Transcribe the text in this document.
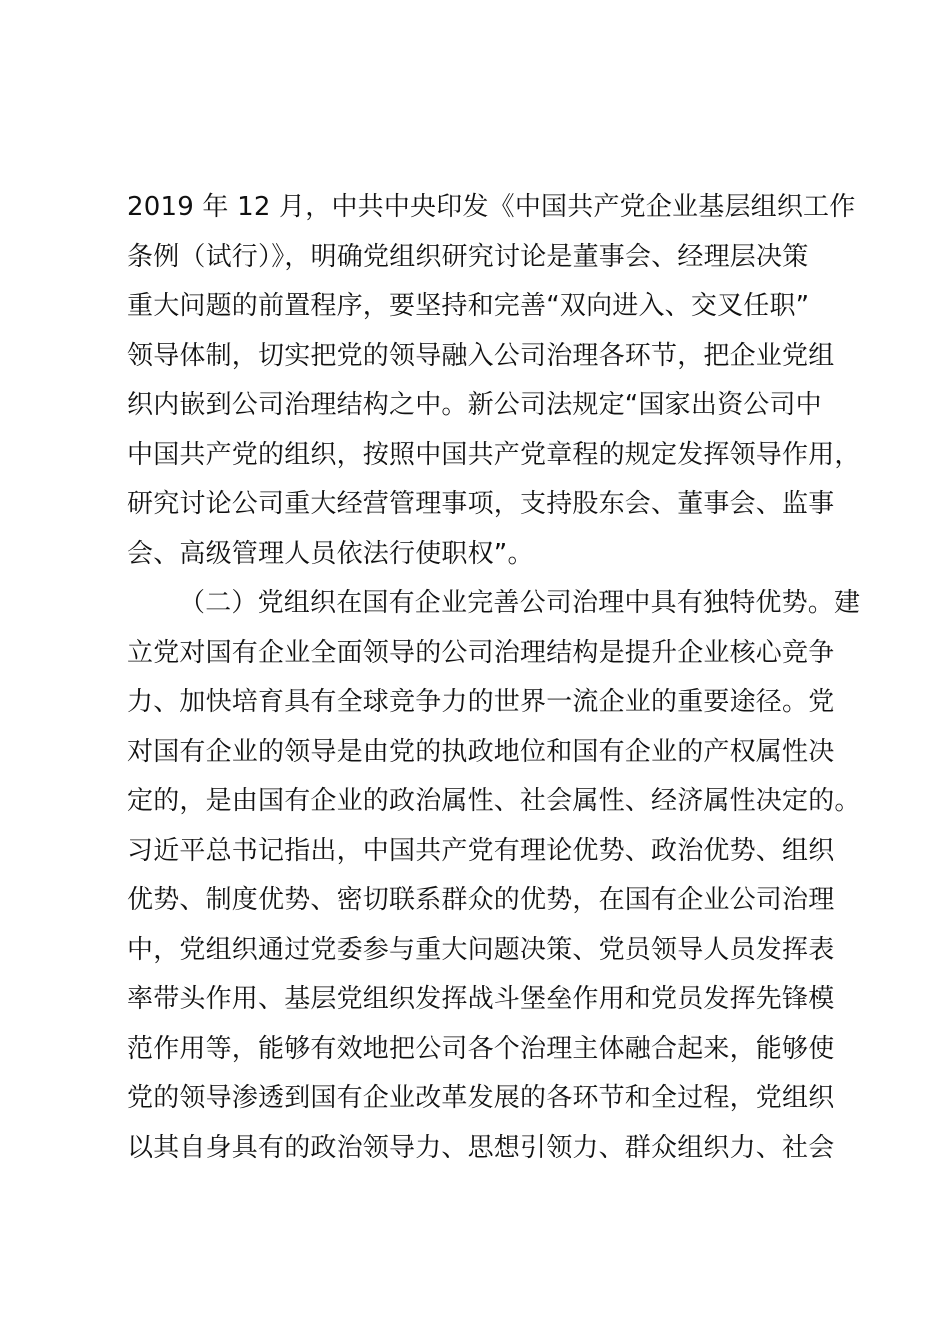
2019 年 12 月，中共中央印发《中国共产党企业基层组织工作
条例（试行）》，明确党组织研究讨论是董事会、经理层决策
重大问题的前置程序，要坚持和完善“双向进入、交叉任职”
领导体制，切实把党的领导融入公司治理各环节，把企业党组
织内嵌到公司治理结构之中。新公司法规定“国家出资公司中
中国共产党的组织，按照中国共产党章程的规定发挥领导作用，
研究讨论公司重大经营管理事项，支持股东会、董事会、监事
会、高级管理人员依法行使职权”。
（二）党组织在国有企业完善公司治理中具有独特优势。建
立党对国有企业全面领导的公司治理结构是提升企业核心竞争
力、加快培育具有全球竞争力的世界一流企业的重要途径。党
对国有企业的领导是由党的执政地位和国有企业的产权属性决
定的，是由国有企业的政治属性、社会属性、经济属性决定的。
习近平总书记指出，中国共产党有理论优势、政治优势、组织
优势、制度优势、密切联系群众的优势，在国有企业公司治理
中，党组织通过党委参与重大问题决策、党员领导人员发挥表
率带头作用、基层党组织发挥战斗堡垒作用和党员发挥先锋模
范作用等，能够有效地把公司各个治理主体融合起来，能够使
党的领导渗透到国有企业改革发展的各环节和全过程，党组织
以其自身具有的政治领导力、思想引领力、群众组织力、社会
